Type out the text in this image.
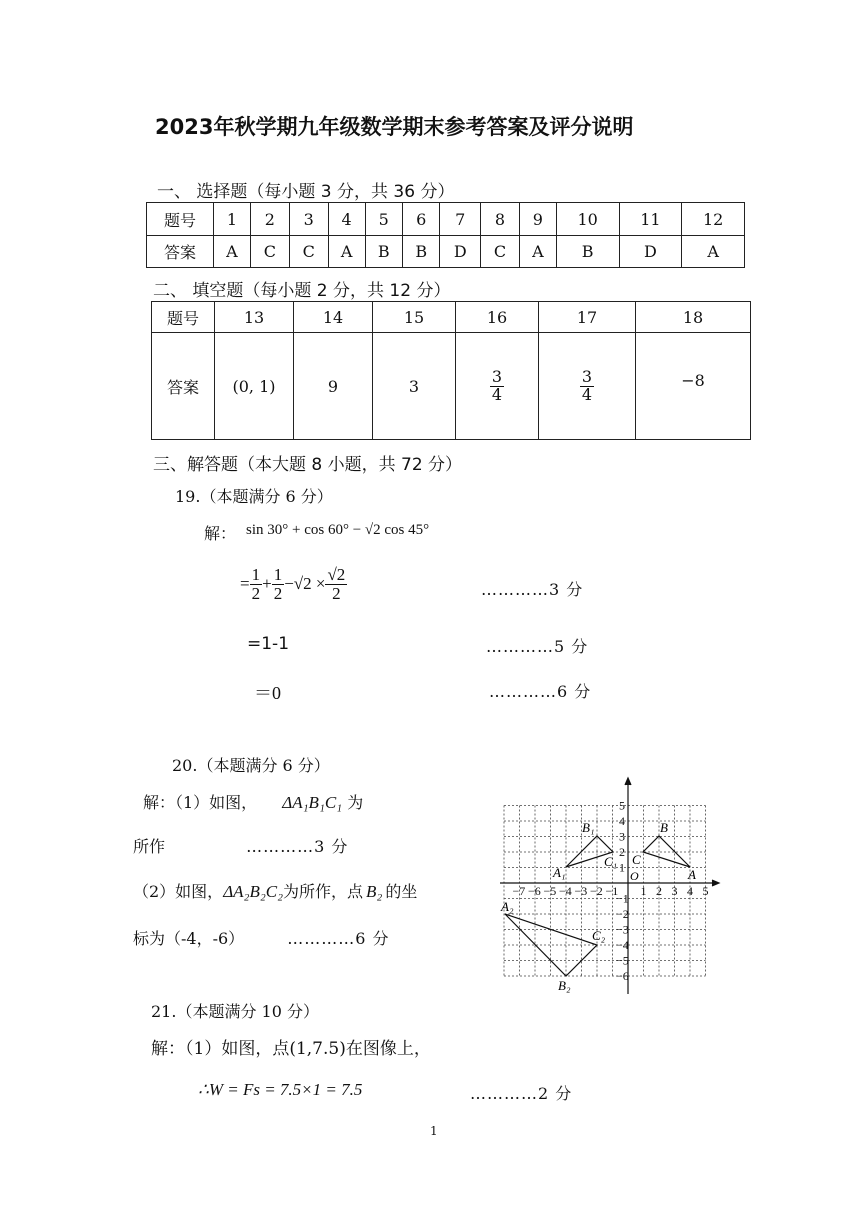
2023年秋学期九年级数学期末参考答案及评分说明
一、 选择题（每小题 3 分，共 36 分）
题号	1	2	3	4	5	6	7	8	9	10	11	12
答案	A	C	C	A	B	B	D	C	A	B	D	A
二、 填空题（每小题 2 分，共 12 分）
题号	13	14	15	16	17	18
答案	(0, 1)	9	3	$\frac{3}{4}$	$\frac{3}{4}$	−8
三、解答题（本大题 8 小题，共 72 分）
19.（本题满分 6 分）
解： sin 30° + cos 60° − √2 cos 45°
= $\frac{1}{2} + \frac{1}{2} -√2 \times \frac{√2}{2}$	…………3 分
=1-1	…………5 分
＝0	…………6 分
20.（本题满分 6 分）
解：（1）如图， ΔA₁B₁C₁ 为
所作	…………3 分
（2）如图，ΔA₂B₂C₂为所作，点 B₂ 的坐
标为（-4，-6）	…………6 分
−7 −6 −5 −4 −3 −2 −1 1 2 3 4 5
5
4
3
2
1
−1
−2
−3
−4
−5
−6
O	A
B
C
A₁
B₁
C₁
A₂
B₂
C₂
21.（本题满分 10 分）
解：（1）如图，点(1,7.5)在图像上，
∴W = Fs = 7.5×1 = 7.5	…………2 分
1
